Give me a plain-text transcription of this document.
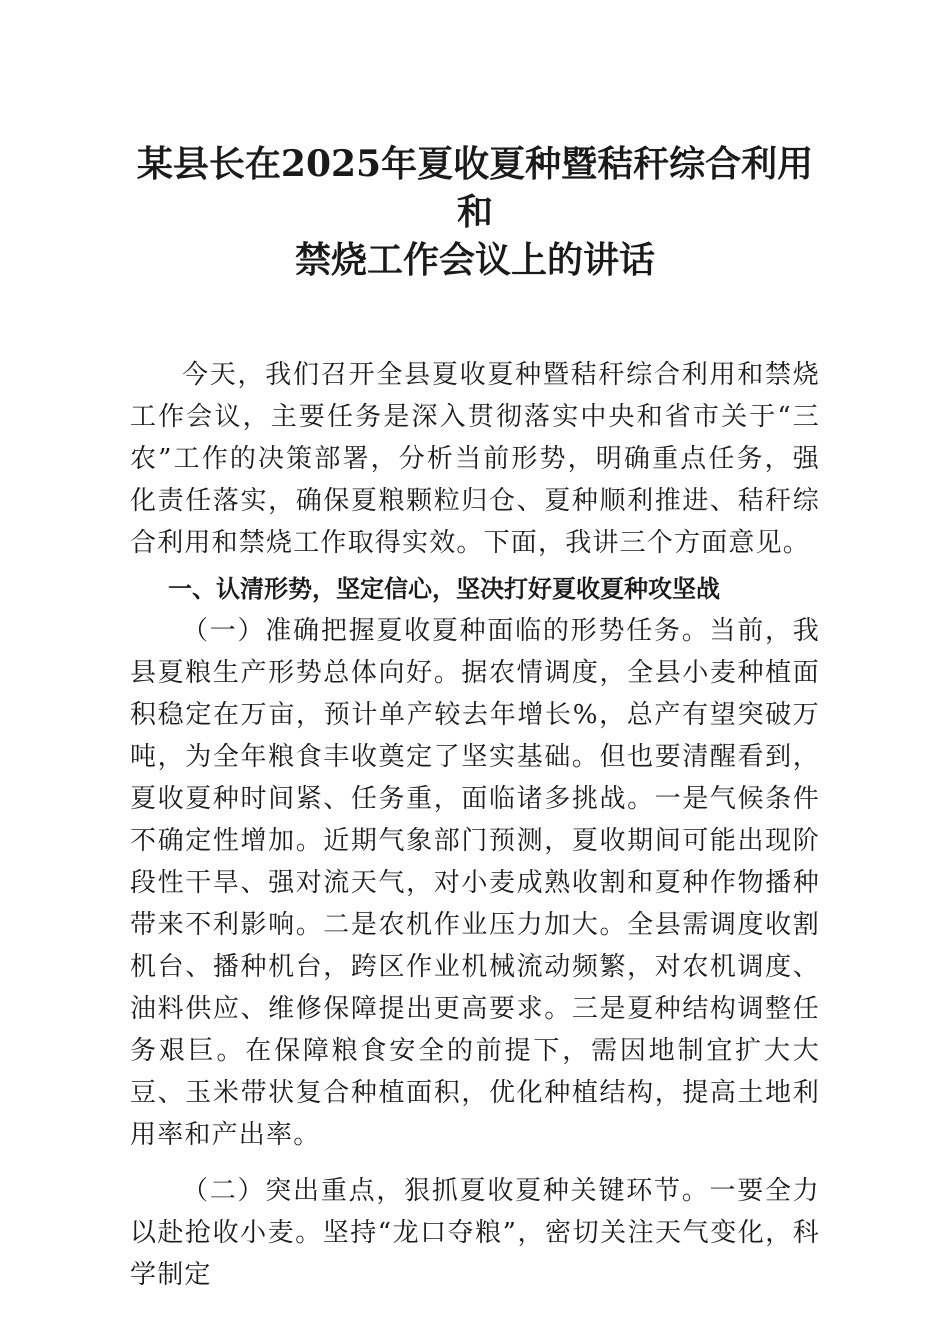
某县长在2025年夏收夏种暨秸秆综合利用和
禁烧工作会议上的讲话

今天，我们召开全县夏收夏种暨秸秆综合利用和禁烧工作会议，主要任务是深入贯彻落实中央和省市关于“三农”工作的决策部署，分析当前形势，明确重点任务，强化责任落实，确保夏粮颗粒归仓、夏种顺利推进、秸秆综合利用和禁烧工作取得实效。下面，我讲三个方面意见。

一、认清形势，坚定信心，坚决打好夏收夏种攻坚战

（一）准确把握夏收夏种面临的形势任务。当前，我县夏粮生产形势总体向好。据农情调度，全县小麦种植面积稳定在万亩，预计单产较去年增长%，总产有望突破万吨，为全年粮食丰收奠定了坚实基础。但也要清醒看到，夏收夏种时间紧、任务重，面临诸多挑战。一是气候条件不确定性增加。近期气象部门预测，夏收期间可能出现阶段性干旱、强对流天气，对小麦成熟收割和夏种作物播种带来不利影响。二是农机作业压力加大。全县需调度收割机台、播种机台，跨区作业机械流动频繁，对农机调度、油料供应、维修保障提出更高要求。三是夏种结构调整任务艰巨。在保障粮食安全的前提下，需因地制宜扩大大豆、玉米带状复合种植面积，优化种植结构，提高土地利用率和产出率。

（二）突出重点，狠抓夏收夏种关键环节。一要全力以赴抢收小麦。坚持“龙口夺粮”，密切关注天气变化，科学制定
